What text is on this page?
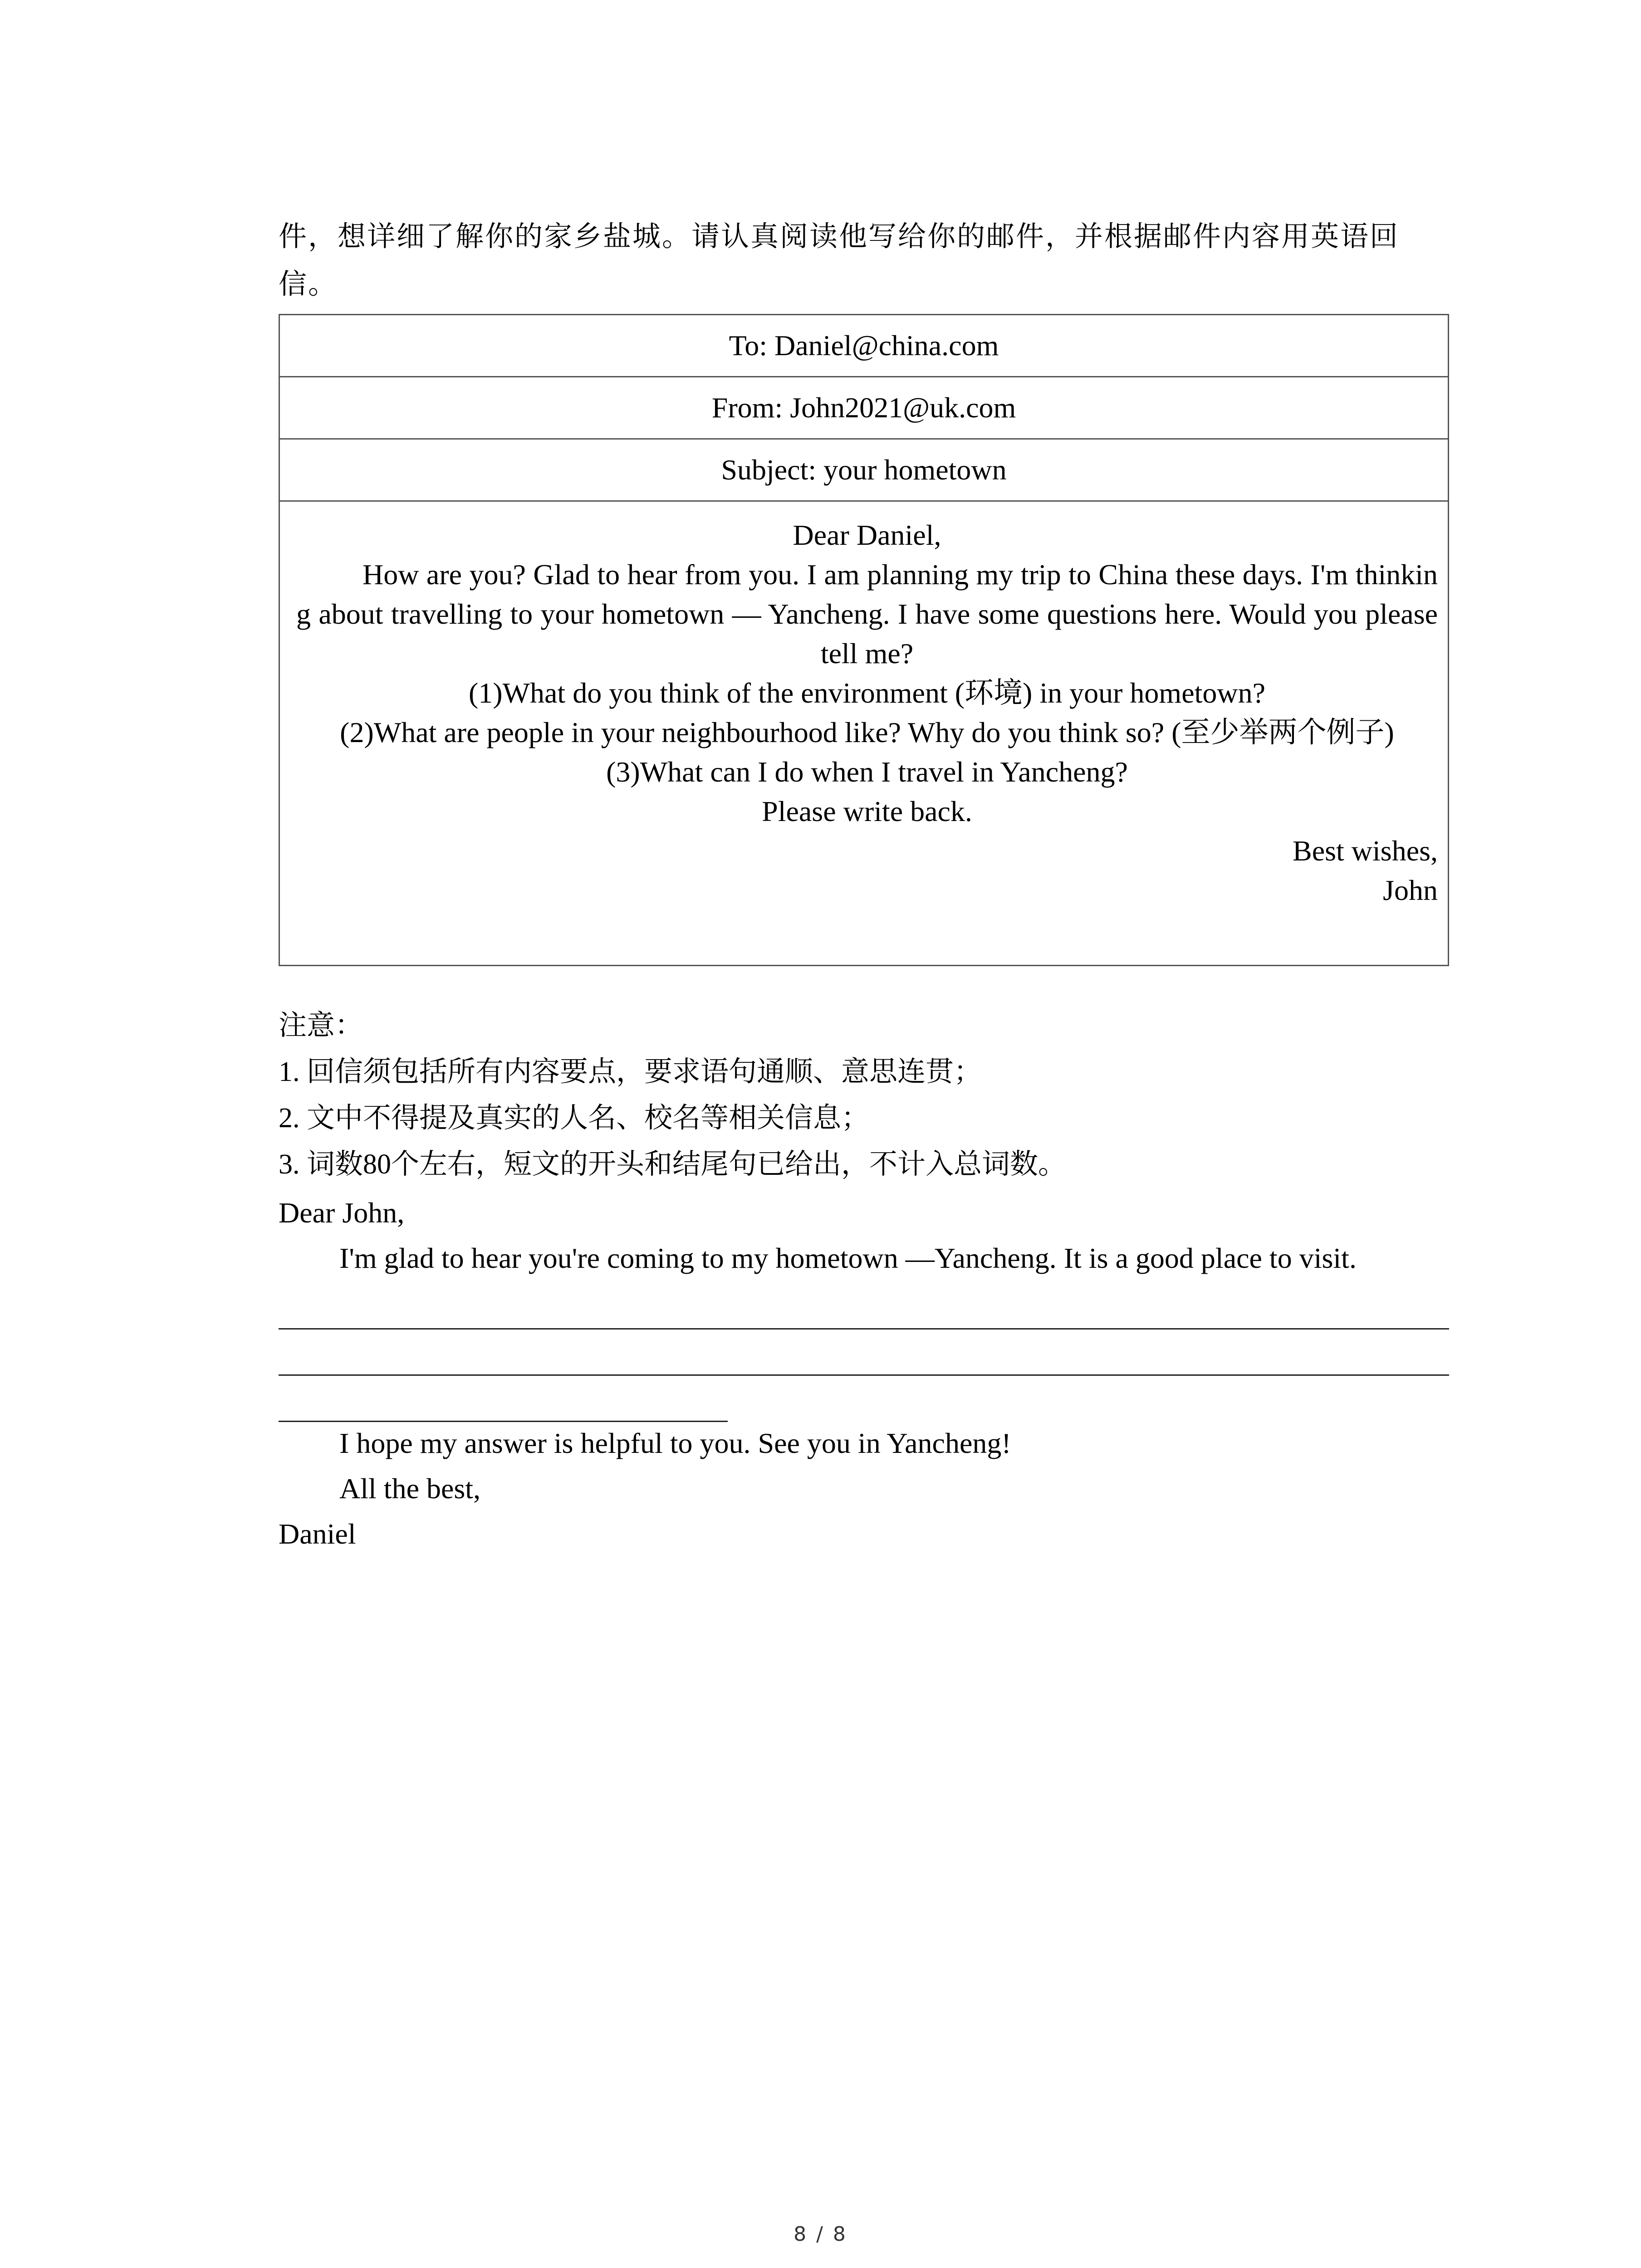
件，想详细了解你的家乡盐城。请认真阅读他写给你的邮件，并根据邮件内容用英语回
信。
To: Daniel@china.com
From: John2021@uk.com
Subject: your hometown
Dear Daniel,
How are you? Glad to hear from you. I am planning my trip to China these days. I'm thinking about travelling to your hometown — Yancheng. I have some questions here. Would you please tell me?
(1)What do you think of the environment (环境) in your hometown?
(2)What are people in your neighbourhood like? Why do you think so? (至少举两个例子)
(3)What can I do when I travel in Yancheng?
Please write back.
Best wishes,
John
注意：
1. 回信须包括所有内容要点，要求语句通顺、意思连贯；
2. 文中不得提及真实的人名、校名等相关信息；
3. 词数80个左右，短文的开头和结尾句已给出，不计入总词数。
Dear John,
I'm glad to hear you're coming to my hometown —Yancheng. It is a good place to visit.
I hope my answer is helpful to you. See you in Yancheng!
All the best,
Daniel
8 / 8
